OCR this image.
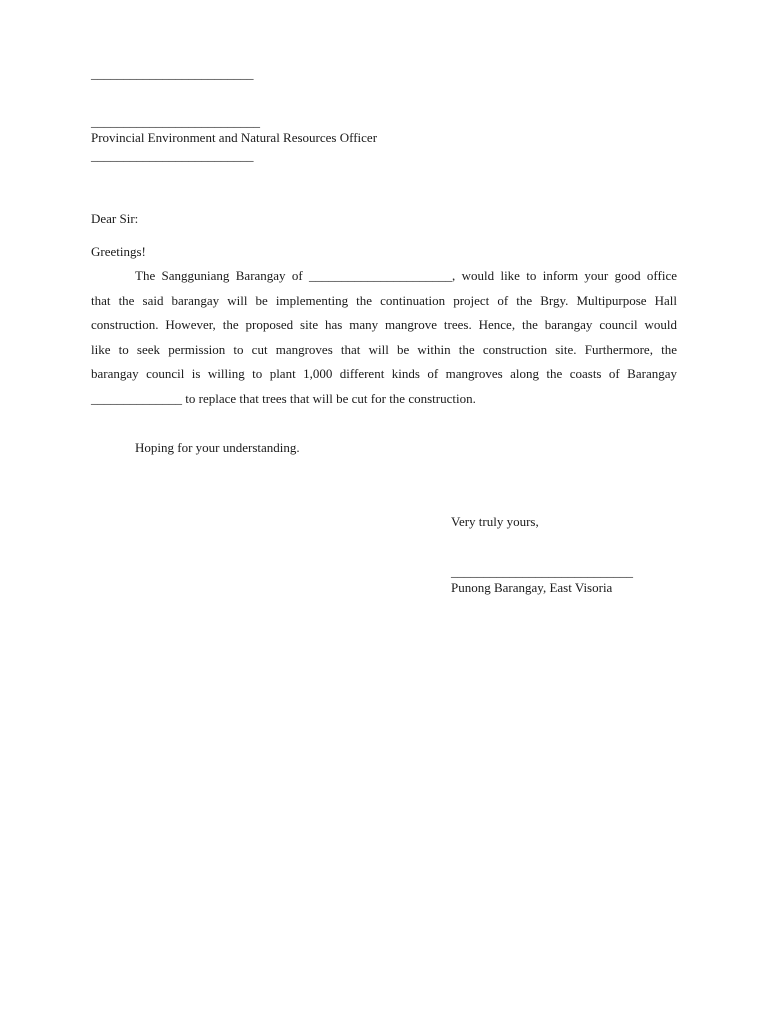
_________________________
__________________________
Provincial Environment and Natural Resources Officer
_________________________
Dear Sir:
Greetings!
The Sangguniang Barangay of ______________________, would like to inform your good office
that the said barangay will be implementing the continuation project of the Brgy. Multipurpose Hall
construction. However, the proposed site has many mangrove trees. Hence, the barangay council would
like to seek permission to cut mangroves that will be within the construction site. Furthermore, the
barangay council is willing to plant 1,000 different kinds of mangroves along the coasts of Barangay
______________ to replace that trees that will be cut for the construction.
Hoping for your understanding.
Very truly yours,
____________________________
Punong Barangay, East Visoria
